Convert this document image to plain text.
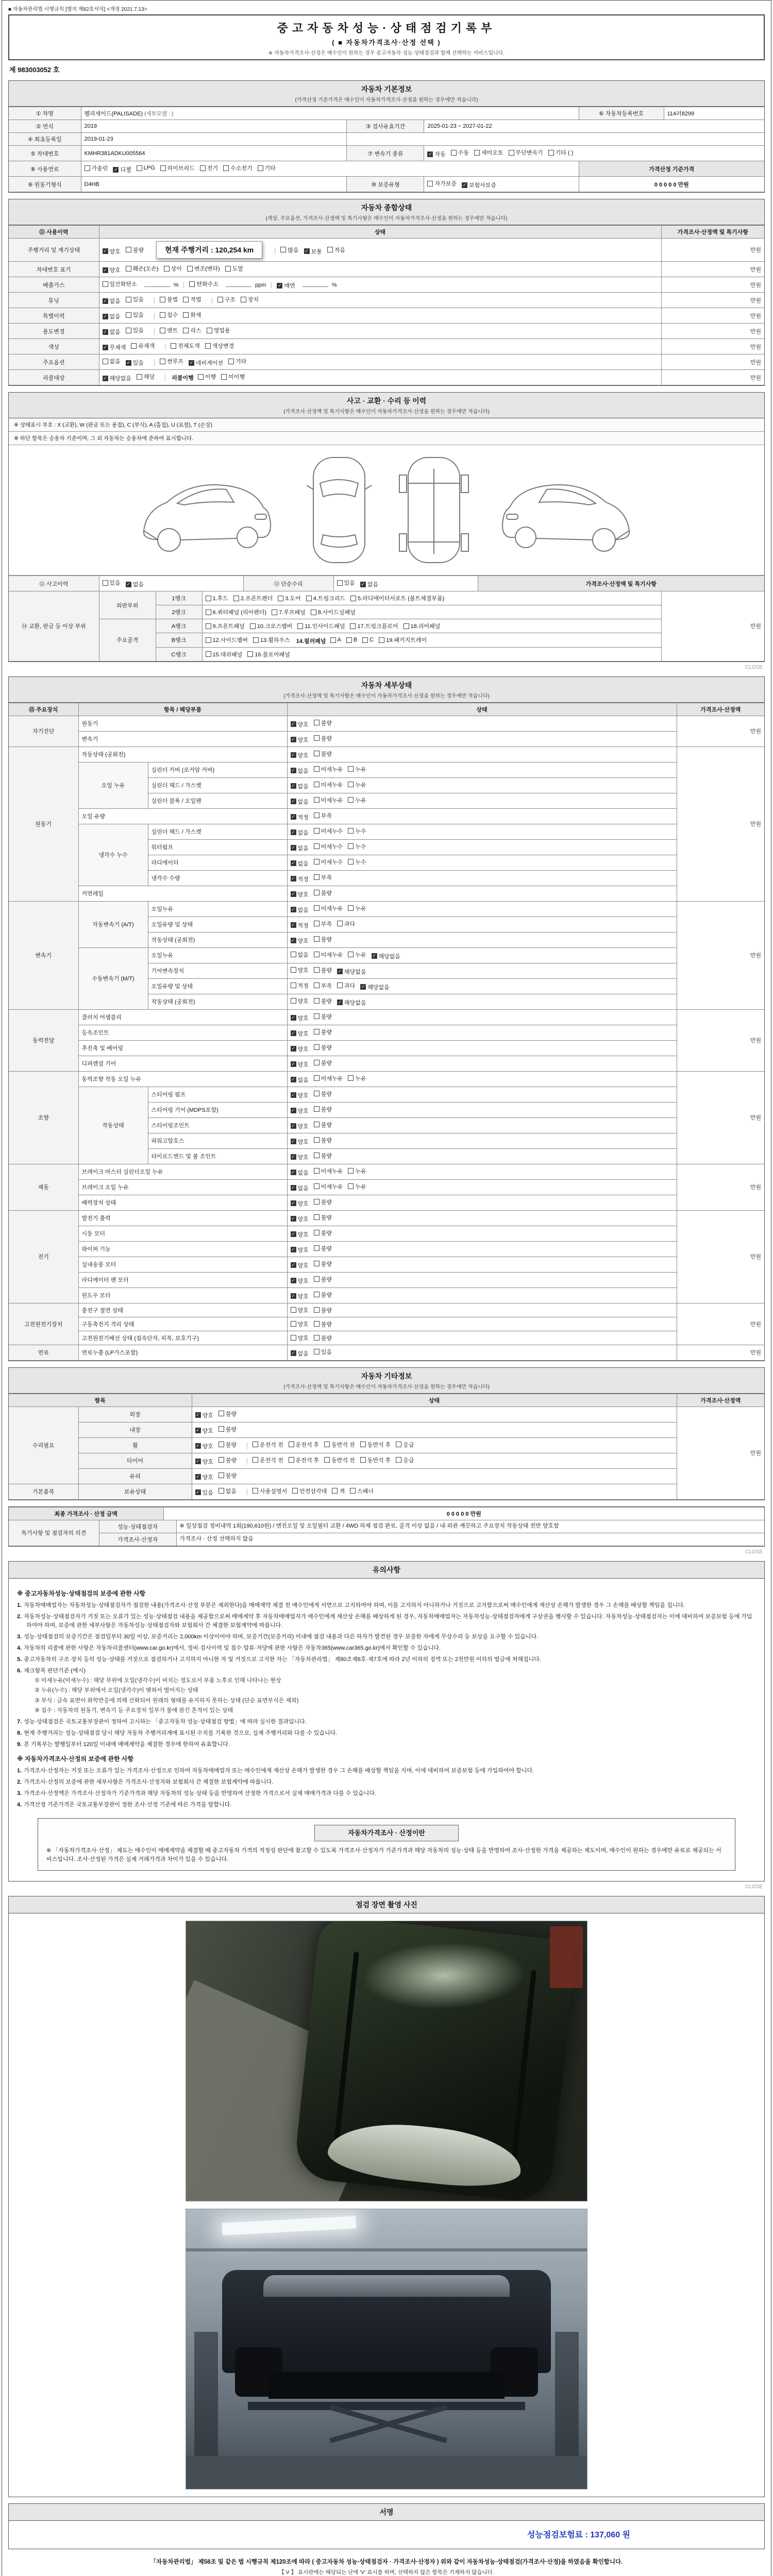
■ 자동차관리법 시행규칙 [별지 제82호서식] <개정 2021.7.13>
중고자동차성능·상태점검기록부
( ■ 자동차가격조사·산정 선택 )
※ 자동차가격조사·산정은 매수인이 원하는 경우 중고자동차 성능·상태점검과 함께 선택하는 서비스입니다.
제 983003052 호
자동차 기본정보
(가격산정 기준가격은 매수인이 자동차가격조사·산정을 원하는 경우에만 적습니다)
① 차명	펠리세이드(PALISADE) (세부모델 : )			⑥ 자동차등록번호	114러8299
② 연식	2019	③ 검사유효기간	2025-01-23 ~ 2027-01-22		
④ 최초등록일	2019-01-23				
⑤ 차대번호	KMHR381ADKU005564	⑦ 변속기 종류	✓ 자동 수동 세미오토 무단변속기 기타 ( )

⑧ 사용연료	가솔린 ✓ 디젤 LPG 하이브리드 전기 수소전기 기타	가격산정 기준가격
⑨ 원동기형식	D4HB	⑩ 보증유형	자가보증 ✓ 보험사보증	0 0 0 0 0 만원	
자동차 종합상태
(색상, 주요옵션, 가격조사·산정액 및 특기사항은 매수인이 자동차가격조사·산정을 원하는 경우에만 적습니다)
⑪ 사용이력	상태	가격조사·산정액 및 특기사항
주행거리 및 계기상태	✓ 양호 불량	현재 주행거리 : 120,254 km	많음 ✓ 보통 적음	만원
차대번호 표기	✓ 양호 훼손(오손) 상이 변조(변타) 도말	만원
배출가스	일산화탄소	%	탄화수소	ppm	✓ 매연	%	만원
튜닝	✓ 없음 있음	불법 적법	구조 장치	만원
특별이력	✓ 없음 있음 침수 화재	만원
용도변경	✓ 없음 있음	렌트 리스 영업용	만원
색상	✓ 무채색 유채색 전체도색 색상변경	만원
주요옵션	없음 ✓ 있음	썬루프 ✓ 네비게이션 기타	만원
리콜대상	✓ 해당없음 해당	리콜이행 이행 미이행	만원
사고 · 교환 · 수리 등 이력
(가격조사·산정액 및 특기사항은 매수인이 자동차가격조사·산정을 원하는 경우에만 적습니다)
※ 상태표시 부호 : X (교환), W (판금 또는 용접), C (부식), A (흠집), U (요철), T (손상)
※ 하단 항목은 승용차 기준이며, 그 외 자동차는 승용차에 준하여 표시합니다.
⑫ 사고이력	있음 ✓ 없음	⑬ 단순수리	있음 ✓ 없음	가격조사·산정액 및 특기사항
⑭ 교환, 판금 등 이상 부위	외판부위	1랭크	1.후드 2.프론트펜더 3.도어 4.트렁크리드 5.라디에이터서포트 (볼트체결부품)	만원
		2랭크	6.쿼터패널 (리어펜더) 7.루프패널 8.사이드실패널	

	주요골격	A랭크	9.프론트패널 10.크로스멤버 11.인사이드패널 17.트렁크플로어 18.리어패널	

B랭크	12.사이드멤버 13.휠하우스 14.필러패널 A B C 19.패키지트레이

		C랭크	15.대쉬패널 16.플로어패널	
CLOSE
자동차 세부상태
(가격조사·산정액 및 특기사항은 매수인이 자동차가격조사·산정을 원하는 경우에만 적습니다)
⑮ 주요장치	항목 / 해당부품		상태	가격조사·산정액
자기진단	원동기		✓ 양호 불량	만원
	변속기		✓ 양호 불량	

원동기	작동상태 (공회전)		✓ 양호 불량	만원
	오일 누유	실린더 커버 (로커암 커버)	✓ 없음 미세누유 누유	

		실린더 헤드 / 가스켓	✓ 없음 미세누유 누유	

		실린더 블록 / 오일팬	✓ 없음 미세누유 누유	

	오일 유량		✓ 적정 부족	

	냉각수 누수	실린더 헤드 / 가스켓	✓ 없음 미세누수 누수	

		워터펌프	✓ 없음 미세누수 누수	

		라디에이터	✓ 없음 미세누수 누수	

		냉각수 수량	✓ 적정 부족	

	커먼레일		✓ 양호 불량	

변속기	자동변속기 (A/T)	오일누유	✓ 없음 미세누유 누유	만원
		오일유량 및 상태	✓ 적정 부족 과다	

		작동상태 (공회전)	✓ 양호 불량	

	수동변속기 (M/T)	오일누유	없음 미세누유 누유 ✓ 해당없음	

		기어변속장치	양호 불량 ✓ 해당없음	

		오일유량 및 상태	적정 부족 과다 ✓ 해당없음	

		작동상태 (공회전)	양호 불량 ✓ 해당없음	

동력전달	클러치 어셈블리		✓ 양호 불량	만원
	등속조인트		✓ 양호 불량	

	추진축 및 베어링		✓ 양호 불량	

	디퍼렌셜 기어		✓ 양호 불량	

조향	동력조향 작동 오일 누유		✓ 없음 미세누유 누유	만원
	작동상태	스티어링 펌프	✓ 양호 불량	

		스티어링 기어 (MDPS포함)	✓ 양호 불량	

		스티어링조인트	✓ 양호 불량	

		파워고압호스	✓ 양호 불량	

		타이로드엔드 및 볼 조인트	✓ 양호 불량	

제동	브레이크 마스터 실린더오일 누유		✓ 없음 미세누유 누유	만원
	브레이크 오일 누유		✓ 없음 미세누유 누유	

	배력장치 상태		✓ 양호 불량	

전기	발전기 출력		✓ 양호 불량	만원
	시동 모터		✓ 양호 불량	

	와이퍼 기능		✓ 양호 불량	

	실내송풍 모터		✓ 양호 불량	

	라디에이터 팬 모터		✓ 양호 불량	

	윈도우 모터		✓ 양호 불량	

고전원전기장치	충전구 절연 상태		양호 불량	만원
	구동축전지 격리 상태		양호 불량	

	고전원전기배선 상태 (접속단자, 피복, 보호기구)		양호 불량	

연료	연료누출 (LP가스포함)		✓ 없음 있음	만원
자동차 기타정보
(가격조사·산정액 및 특기사항은 매수인이 자동차가격조사·산정을 원하는 경우에만 적습니다)
항목		상태	가격조사·산정액
수리필요	외장	✓ 양호 불량	만원
	내장	✓ 양호 불량	

휠	✓ 양호 불량	운전석 전 운전석 후 동반석 전 동반석 후 응급

타이어	✓ 양호 불량	운전석 전 운전석 후 동반석 전 동반석 후 응급

	유리	✓ 양호 불량	

기본품목	보유상태	✓ 있음 없음	사용설명서 안전삼각대 잭 스패너
최종 가격조사 · 산정 금액	0 0 0 0 0 만원
특기사항 및 점검자의 의견	성능·상태점검자	※ 일상점검 정비내역 1회(190,610원) / 엔진오일 및 오일필터 교환 / 4WD 하체 점검 완료, 골격 이상 없음 / 내·외관 깨끗하고 주요장치 작동상태 전반 양호함
	가격조사·산정자	가격조사 · 산정 선택하지 않음
CLOSE
유의사항
※ 중고자동차성능·상태점검의 보증에 관한 사항
1. 자동차매매업자는 자동차성능·상태점검자가 점검한 내용(가격조사·산정 부분은 제외한다)을 매매계약 체결 전 매수인에게 서면으로 고지하여야 하며, 이를 고지하지 아니하거나 거짓으로 고지함으로써 매수인에게 재산상 손해가 발생한 경우 그 손해를 배상할 책임을 집니다.
2. 자동차성능·상태점검자가 거짓 또는 오류가 있는 성능·상태점검 내용을 제공함으로써 매매계약 후 자동차매매업자가 매수인에게 재산상 손해를 배상하게 된 경우, 자동차매매업자는 자동차성능·상태점검자에게 구상권을 행사할 수 있습니다. 자동차성능·상태점검자는 이에 대비하여 보증보험 등에 가입하여야 하며, 보증에 관한 세부사항은 자동차성능·상태점검자와 보험회사 간 체결한 보험계약에 따릅니다.
3. 성능·상태점검의 보증기간은 점검일부터 30일 이상, 보증거리는 2,000km 이상이어야 하며, 보증기간(보증거리) 이내에 점검 내용과 다른 하자가 발견된 경우 보증한 자에게 무상수리 등 보상을 요구할 수 있습니다.
4. 자동차의 리콜에 관한 사항은 자동차리콜센터(www.car.go.kr)에서, 정비·검사이력 및 침수·압류·저당에 관한 사항은 자동차365(www.car365.go.kr)에서 확인할 수 있습니다.
5. 중고자동차의 구조·장치 등의 성능·상태를 거짓으로 점검하거나 고지하지 아니한 자 및 거짓으로 고지한 자는 「자동차관리법」 제80조제6호·제7호에 따라 2년 이하의 징역 또는 2천만원 이하의 벌금에 처해집니다.
6. 체크항목 판단기준 (예시)
① 미세누유(미세누수) : 해당 부위에 오일(냉각수)이 비치는 정도로서 부품 노후로 인해 나타나는 현상
② 누유(누수) : 해당 부위에서 오일(냉각수)이 맺혀서 떨어지는 상태
③ 부식 : 금속 표면이 화학반응에 의해 산화되어 원래의 형태를 유지하지 못하는 상태 (단순 표면부식은 제외)
④ 침수 : 자동차의 원동기, 변속기 등 주요장치 일부가 물에 잠긴 흔적이 있는 상태
7. 성능·상태점검은 국토교통부장관이 정하여 고시하는 「중고자동차 성능·상태점검 방법」에 따라 실시한 결과입니다.
8. 현재 주행거리는 성능·상태점검 당시 해당 자동차 주행거리계에 표시된 수치를 기록한 것으로, 실제 주행거리와 다를 수 있습니다.
9. 본 기록부는 발행일부터 120일 이내에 매매계약을 체결한 경우에 한하여 유효합니다.
※ 자동차가격조사·산정의 보증에 관한 사항
1. 가격조사·산정자는 거짓 또는 오류가 있는 가격조사·산정으로 인하여 자동차매매업자 또는 매수인에게 재산상 손해가 발생한 경우 그 손해를 배상할 책임을 지며, 이에 대비하여 보증보험 등에 가입하여야 합니다.
2. 가격조사·산정의 보증에 관한 세부사항은 가격조사·산정자와 보험회사 간 체결한 보험계약에 따릅니다.
3. 가격조사·산정액은 가격조사·산정자가 기준가격과 해당 자동차의 성능·상태 등을 반영하여 산정한 가격으로서 실제 매매가격과 다를 수 있습니다.
4. 가격산정 기준가격은 국토교통부장관이 정한 조사·산정 기준에 따른 가격을 말합니다.
자동차가격조사 · 산정이란
※ 「자동차가격조사·산정」 제도는 매수인이 매매계약을 체결할 때 중고자동차 가격의 적정성 판단에 참고할 수 있도록 가격조사·산정자가 기준가격과 해당 자동차의 성능·상태 등을 반영하여 조사·산정한 가격을 제공하는 제도이며, 매수인이 원하는 경우에만 유료로 제공되는 서비스입니다. 조사·산정된 가격은 실제 거래가격과 차이가 있을 수 있습니다.
CLOSE
점검 장면 촬영 사진
서명
성능점검보험료 : 137,060 원
「자동차관리법」 제58조 및 같은 법 시행규칙 제120조에 따라 ( 중고자동차 성능·상태점검자 · 가격조사·산정자 ) 위와 같이 자동차성능·상태점검(가격조사·산정)을 하였음을 확인합니다.
【 V 】 표시란에는 해당되는 난에 'V' 표시를 하며, 선택하지 않은 항목은 기재하지 않습니다.
